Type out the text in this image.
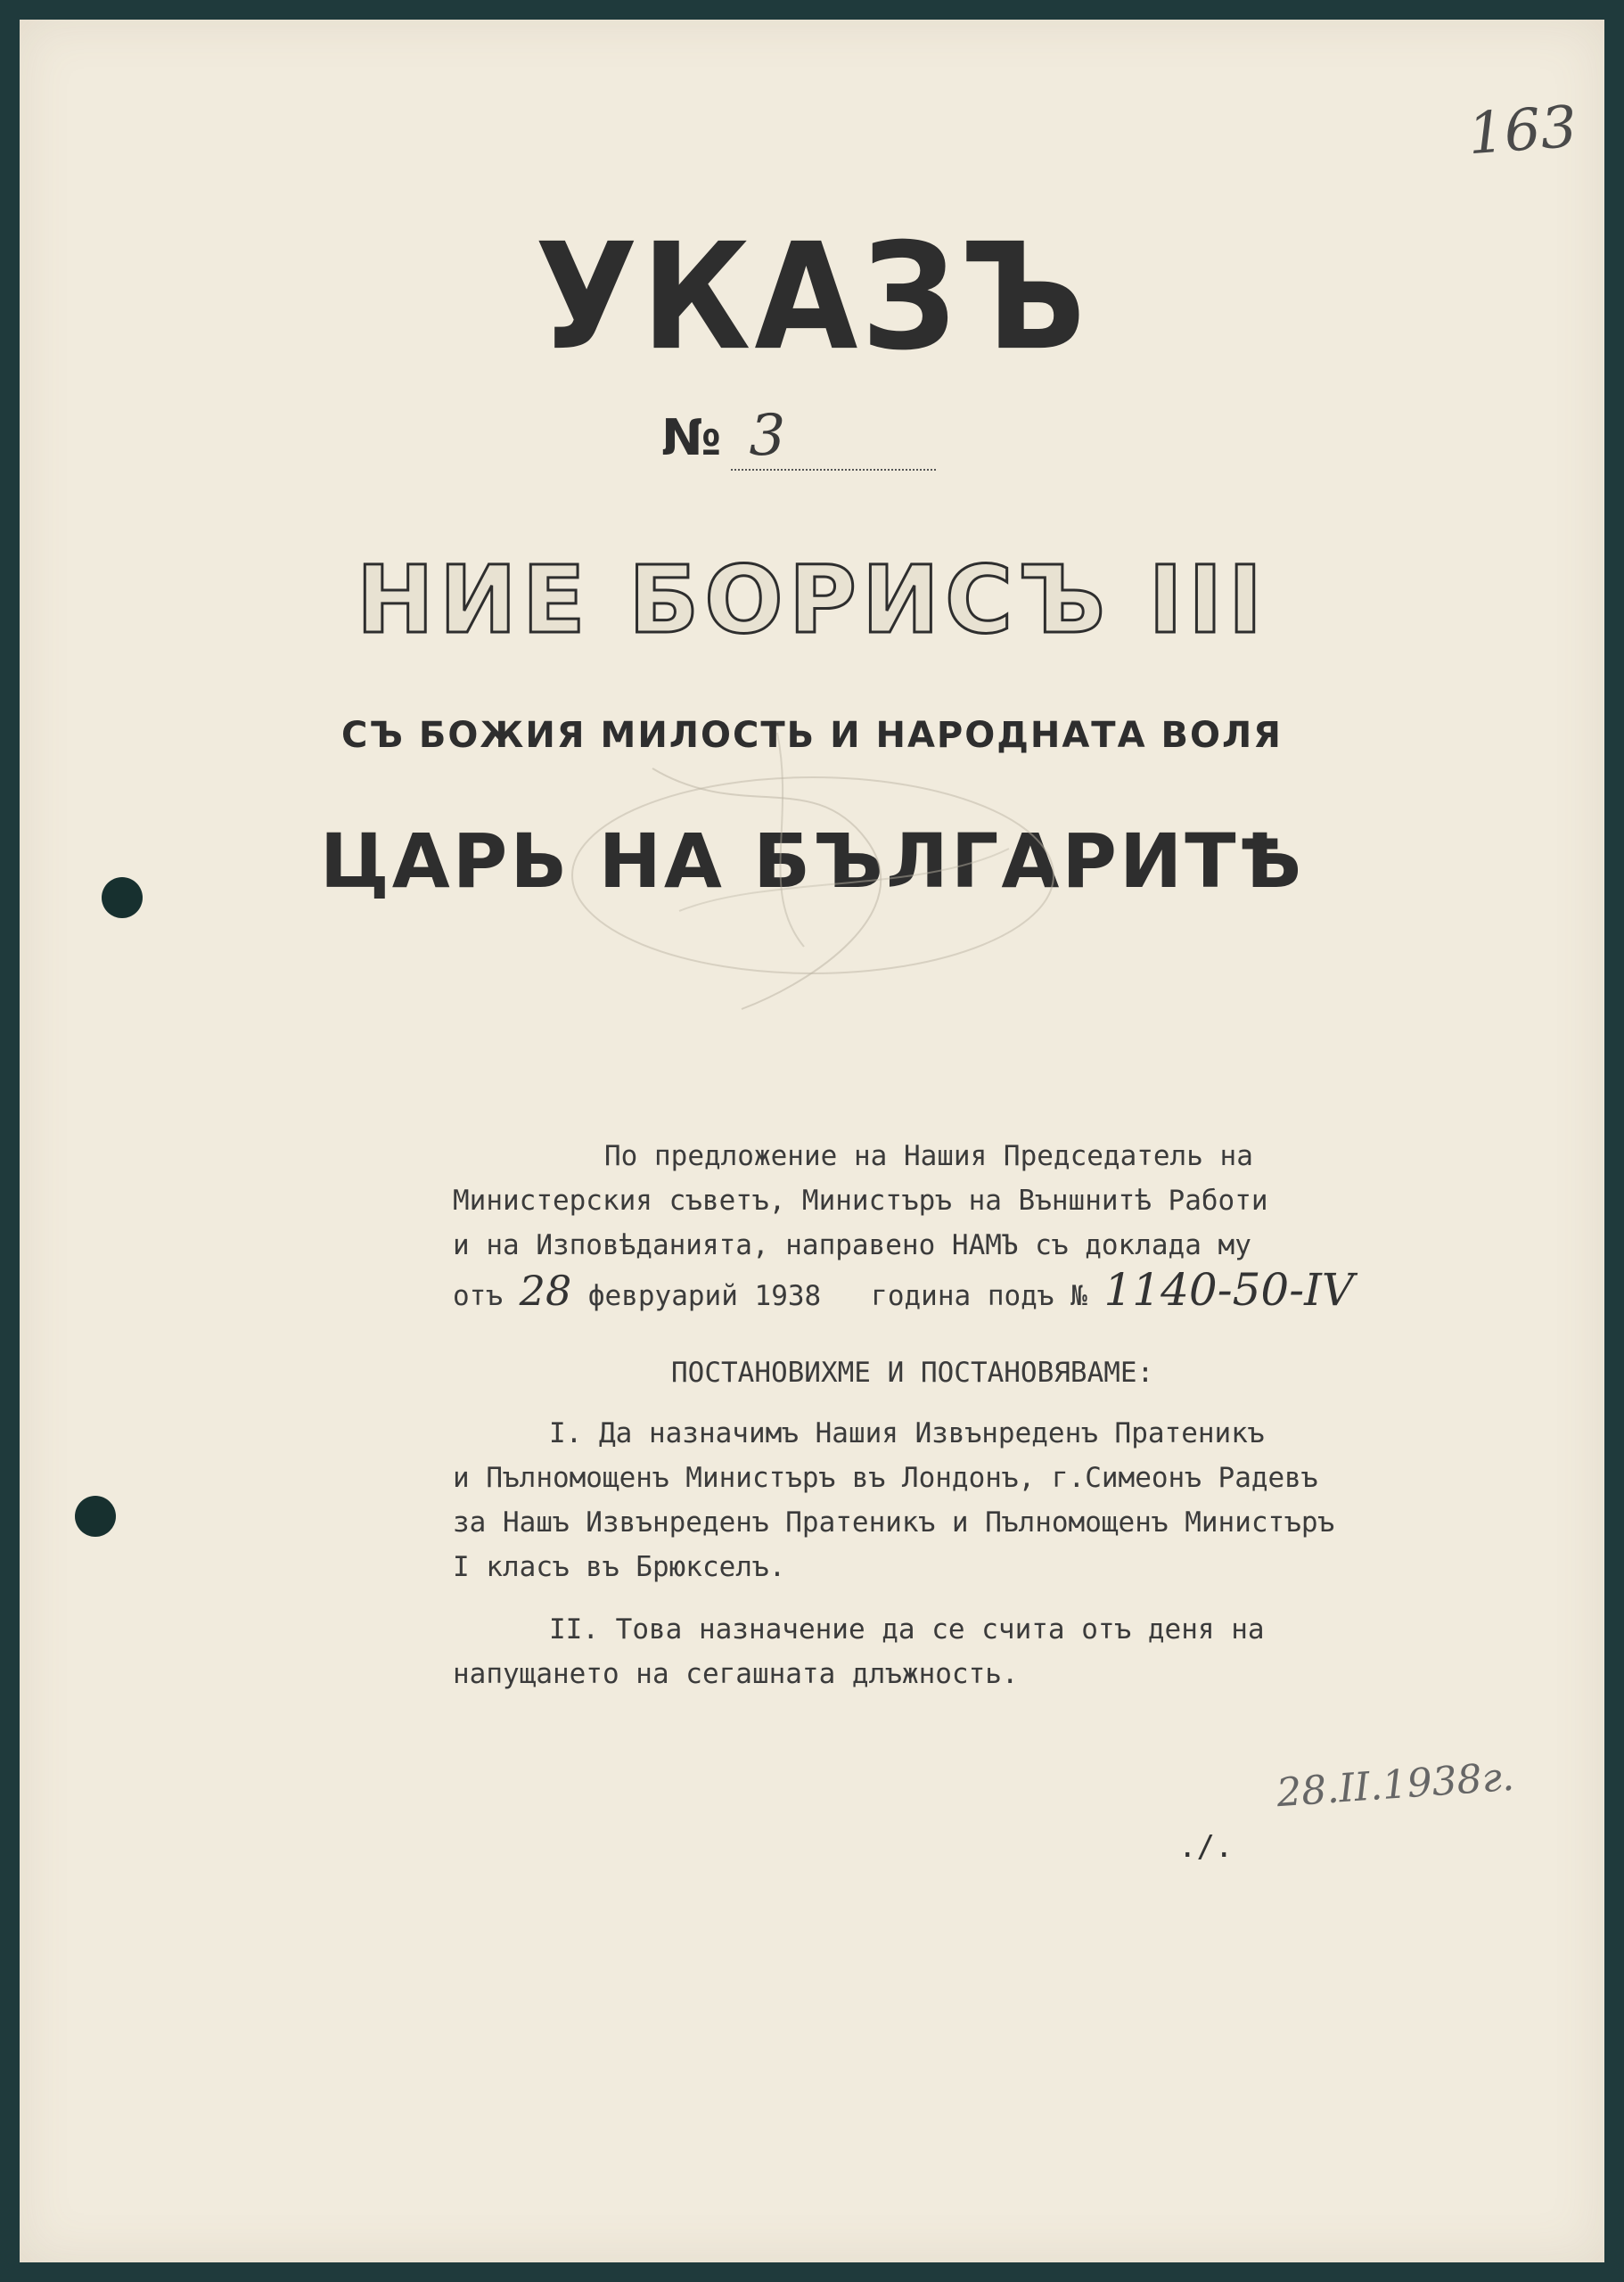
163
УКАЗЪ
№ 3
НИЕ БОРИСЪ III
СЪ БОЖИЯ МИЛОСТЬ И НАРОДНАТА ВОЛЯ
ЦАРЬ НА БЪЛГАРИТѢ

По предложение на Нашия Председатель на

Министерския съветъ, Министъръ на Външнитѣ Работи

и на Изповѣданията, направено НАМЪ съ доклада му

отъ 28 февруарий 1938   година подъ № 1140-50-IV

ПОСТАНОВИХМЕ И ПОСТАНОВЯВАМЕ:

I. Да назначимъ Нашия Извънреденъ Пратеникъ

и Пълномощенъ Министъръ въ Лондонъ, г.Симеонъ Радевъ

за Нашъ Извънреденъ Пратеникъ и Пълномощенъ Министъръ

I класъ въ Брюкселъ.

II. Това назначение да се счита отъ деня на

напущането на сегашната длъжность.

28.II.1938г.
./.
